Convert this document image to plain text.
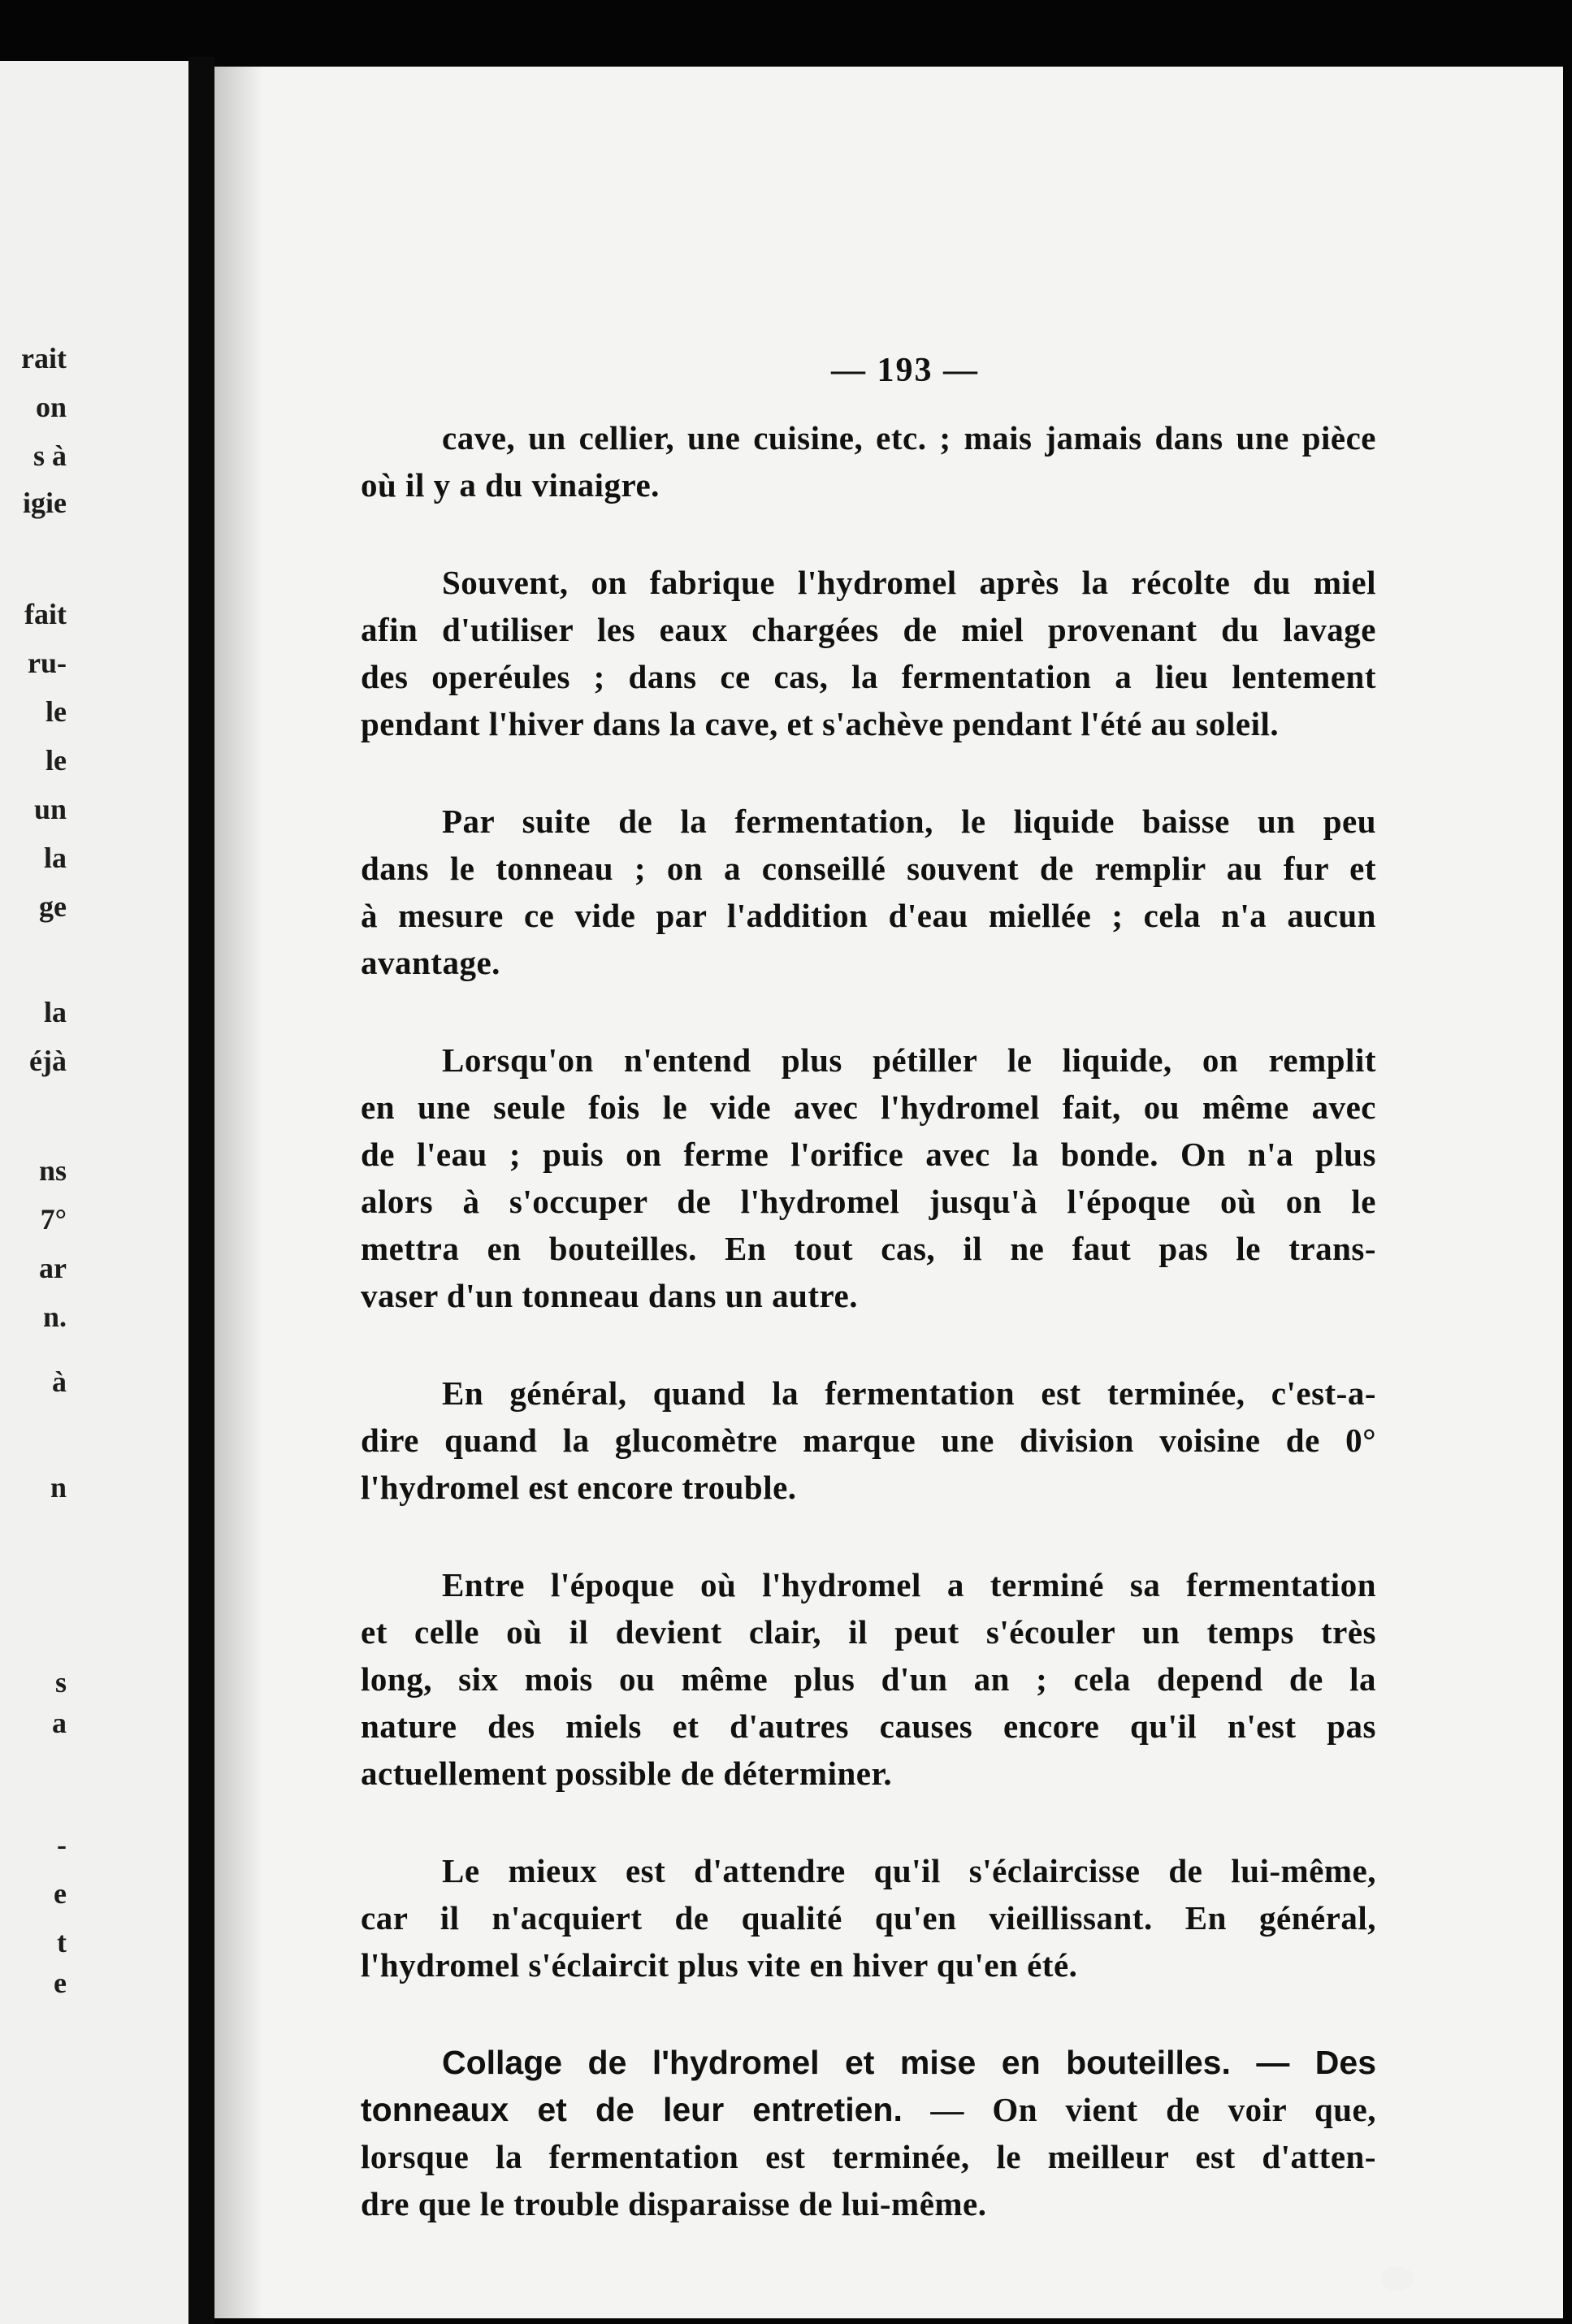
rait
on
s à
igie
fait
ru-
le
le
un
la
ge
la
éjà
ns
7°
ar
n.
à
n
s
a
-
e
t
e
— 193 —
cave, un cellier, une cuisine, etc. ; mais jamais dans une pièce
où il y a du vinaigre.
Souvent, on fabrique l'hydromel après la récolte du miel
afin d'utiliser les eaux chargées de miel provenant du lavage
des operéules ; dans ce cas, la fermentation a lieu lentement
pendant l'hiver dans la cave, et s'achève pendant l'été au soleil.
Par suite de la fermentation, le liquide baisse un peu
dans le tonneau ; on a conseillé souvent de remplir au fur et
à mesure ce vide par l'addition d'eau miellée ; cela n'a aucun
avantage.
Lorsqu'on n'entend plus pétiller le liquide, on remplit
en une seule fois le vide avec l'hydromel fait, ou même avec
de l'eau ; puis on ferme l'orifice avec la bonde. On n'a plus
alors à s'occuper de l'hydromel jusqu'à l'époque où on le
mettra en bouteilles. En tout cas, il ne faut pas le trans-
vaser d'un tonneau dans un autre.
En général, quand la fermentation est terminée, c'est-a-
dire quand la glucomètre marque une division voisine de 0°
l'hydromel est encore trouble.
Entre l'époque où l'hydromel a terminé sa fermentation
et celle où il devient clair, il peut s'écouler un temps très
long, six mois ou même plus d'un an ; cela depend de la
nature des miels et d'autres causes encore qu'il n'est pas
actuellement possible de déterminer.
Le mieux est d'attendre qu'il s'éclaircisse de lui-même,
car il n'acquiert de qualité qu'en vieillissant. En général,
l'hydromel s'éclaircit plus vite en hiver qu'en été.
Collage de l'hydromel et mise en bouteilles. — Des
tonneaux et de leur entretien. — On vient de voir que,
lorsque la fermentation est terminée, le meilleur est d'atten-
dre que le trouble disparaisse de lui-même.
